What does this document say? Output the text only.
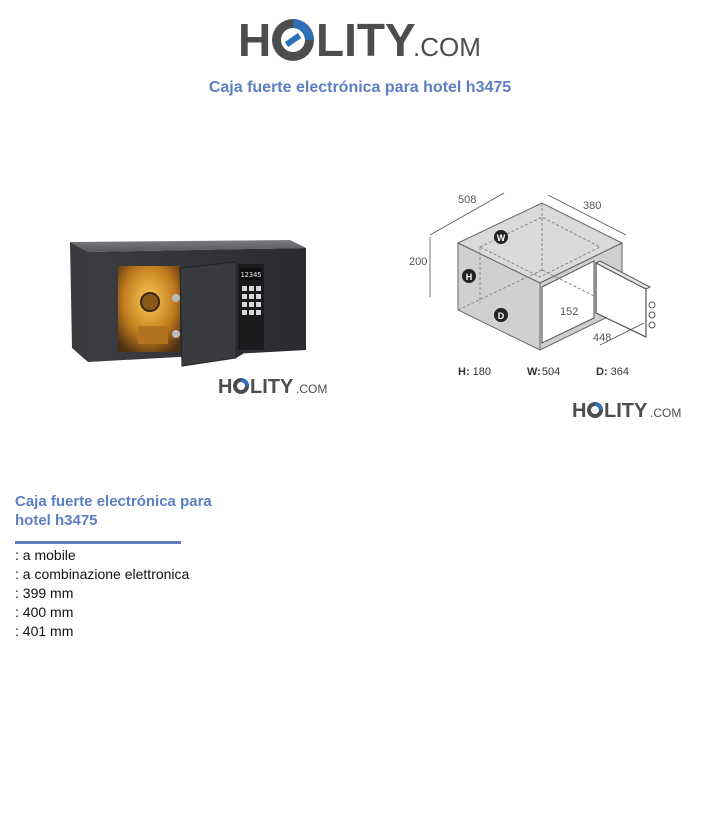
H LITY
.COM
Caja fuerte electrónica para hotel h3475
12345
H LITY .COM
508	380
200
152
448
W
H
D
H: 180	W:504	D: 364
H LITY .COM
Caja fuerte electrónica para hotel h3475
: a mobile
: a combinazione elettronica
: 399 mm
: 400 mm
: 401 mm
